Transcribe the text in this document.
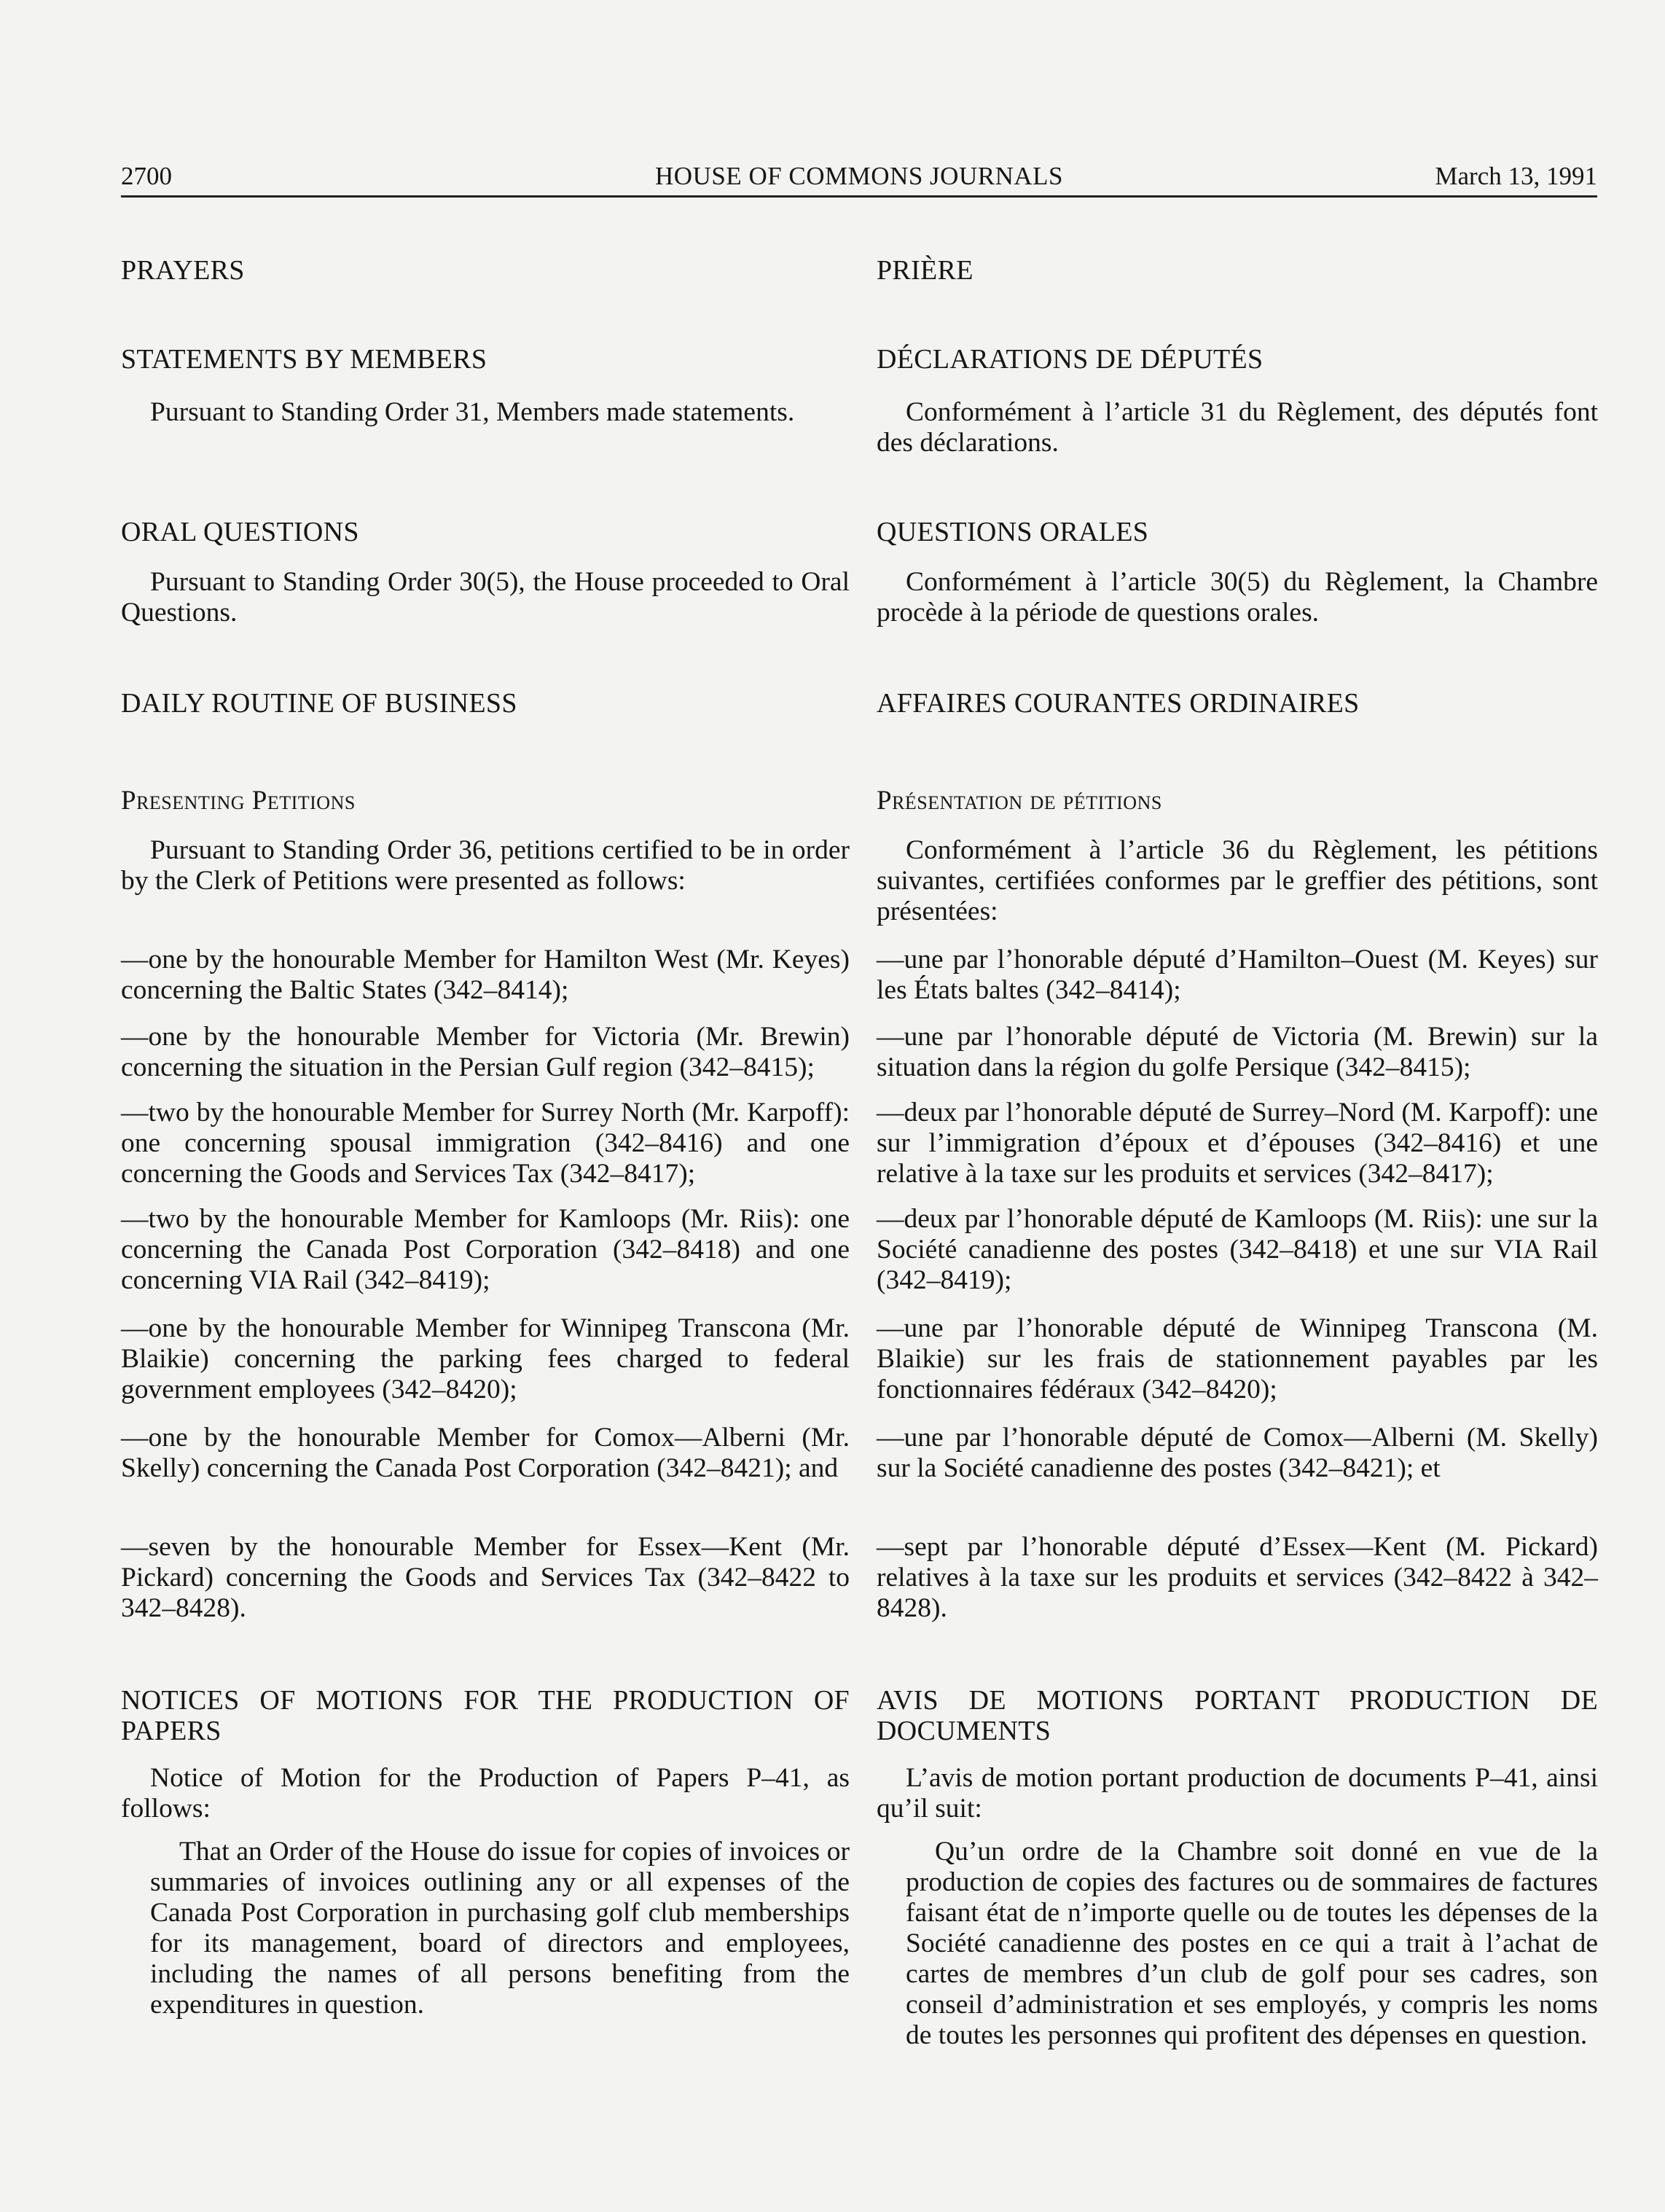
2700	HOUSE OF COMMONS JOURNALS	March 13, 1991
PRAYERS
STATEMENTS BY MEMBERS
Pursuant to Standing Order 31, Members made statements.
ORAL QUESTIONS
Pursuant to Standing Order 30(5), the House proceeded to Oral Questions.
DAILY ROUTINE OF BUSINESS
Presenting Petitions
Pursuant to Standing Order 36, petitions certified to be in order by the Clerk of Petitions were presented as follows:
—one by the honourable Member for Hamilton West (Mr. Keyes) concerning the Baltic States (342–8414);
—one by the honourable Member for Victoria (Mr. Brewin) concerning the situation in the Persian Gulf region (342–8415);
—two by the honourable Member for Surrey North (Mr. Karpoff): one concerning spousal immigration (342–8416) and one concerning the Goods and Services Tax (342–8417);
—two by the honourable Member for Kamloops (Mr. Riis): one concerning the Canada Post Corporation (342–8418) and one concerning VIA Rail (342–8419);
—one by the honourable Member for Winnipeg Transcona (Mr. Blaikie) concerning the parking fees charged to federal government employees (342–8420);
—one by the honourable Member for Comox—Alberni (Mr. Skelly) concerning the Canada Post Corporation (342–8421); and
—seven by the honourable Member for Essex—Kent (Mr. Pickard) concerning the Goods and Services Tax (342–8422 to 342–8428).
NOTICES OF MOTIONS FOR THE PRODUCTION OF PAPERS
Notice of Motion for the Production of Papers P–41, as follows:
That an Order of the House do issue for copies of invoices or summaries of invoices outlining any or all expenses of the Canada Post Corporation in purchasing golf club memberships for its management, board of directors and employees, including the names of all persons benefiting from the expenditures in question.
PRIÈRE
DÉCLARATIONS DE DÉPUTÉS
Conformément à l’article 31 du Règlement, des députés font des déclarations.
QUESTIONS ORALES
Conformément à l’article 30(5) du Règlement, la Chambre procède à la période de questions orales.
AFFAIRES COURANTES ORDINAIRES
Présentation de pétitions
Conformément à l’article 36 du Règlement, les pétitions suivantes, certifiées conformes par le greffier des pétitions, sont présentées:
—une par l’honorable député d’Hamilton–Ouest (M. Keyes) sur les États baltes (342–8414);
—une par l’honorable député de Victoria (M. Brewin) sur la situation dans la région du golfe Persique (342–8415);
—deux par l’honorable député de Surrey–Nord (M. Karpoff): une sur l’immigration d’époux et d’épouses (342–8416) et une relative à la taxe sur les produits et services (342–8417);
—deux par l’honorable député de Kamloops (M. Riis): une sur la Société canadienne des postes (342–8418) et une sur VIA Rail (342–8419);
—une par l’honorable député de Winnipeg Transcona (M. Blaikie) sur les frais de stationnement payables par les fonctionnaires fédéraux (342–8420);
—une par l’honorable député de Comox—Alberni (M. Skelly) sur la Société canadienne des postes (342–8421); et
—sept par l’honorable député d’Essex—Kent (M. Pickard) relatives à la taxe sur les produits et services (342–8422 à 342–8428).
AVIS DE MOTIONS PORTANT PRODUCTION DE DOCUMENTS
L’avis de motion portant production de documents P–41, ainsi qu’il suit:
Qu’un ordre de la Chambre soit donné en vue de la production de copies des factures ou de sommaires de factures faisant état de n’importe quelle ou de toutes les dépenses de la Société canadienne des postes en ce qui a trait à l’achat de cartes de membres d’un club de golf pour ses cadres, son conseil d’administration et ses employés, y compris les noms de toutes les personnes qui profitent des dépenses en question.
